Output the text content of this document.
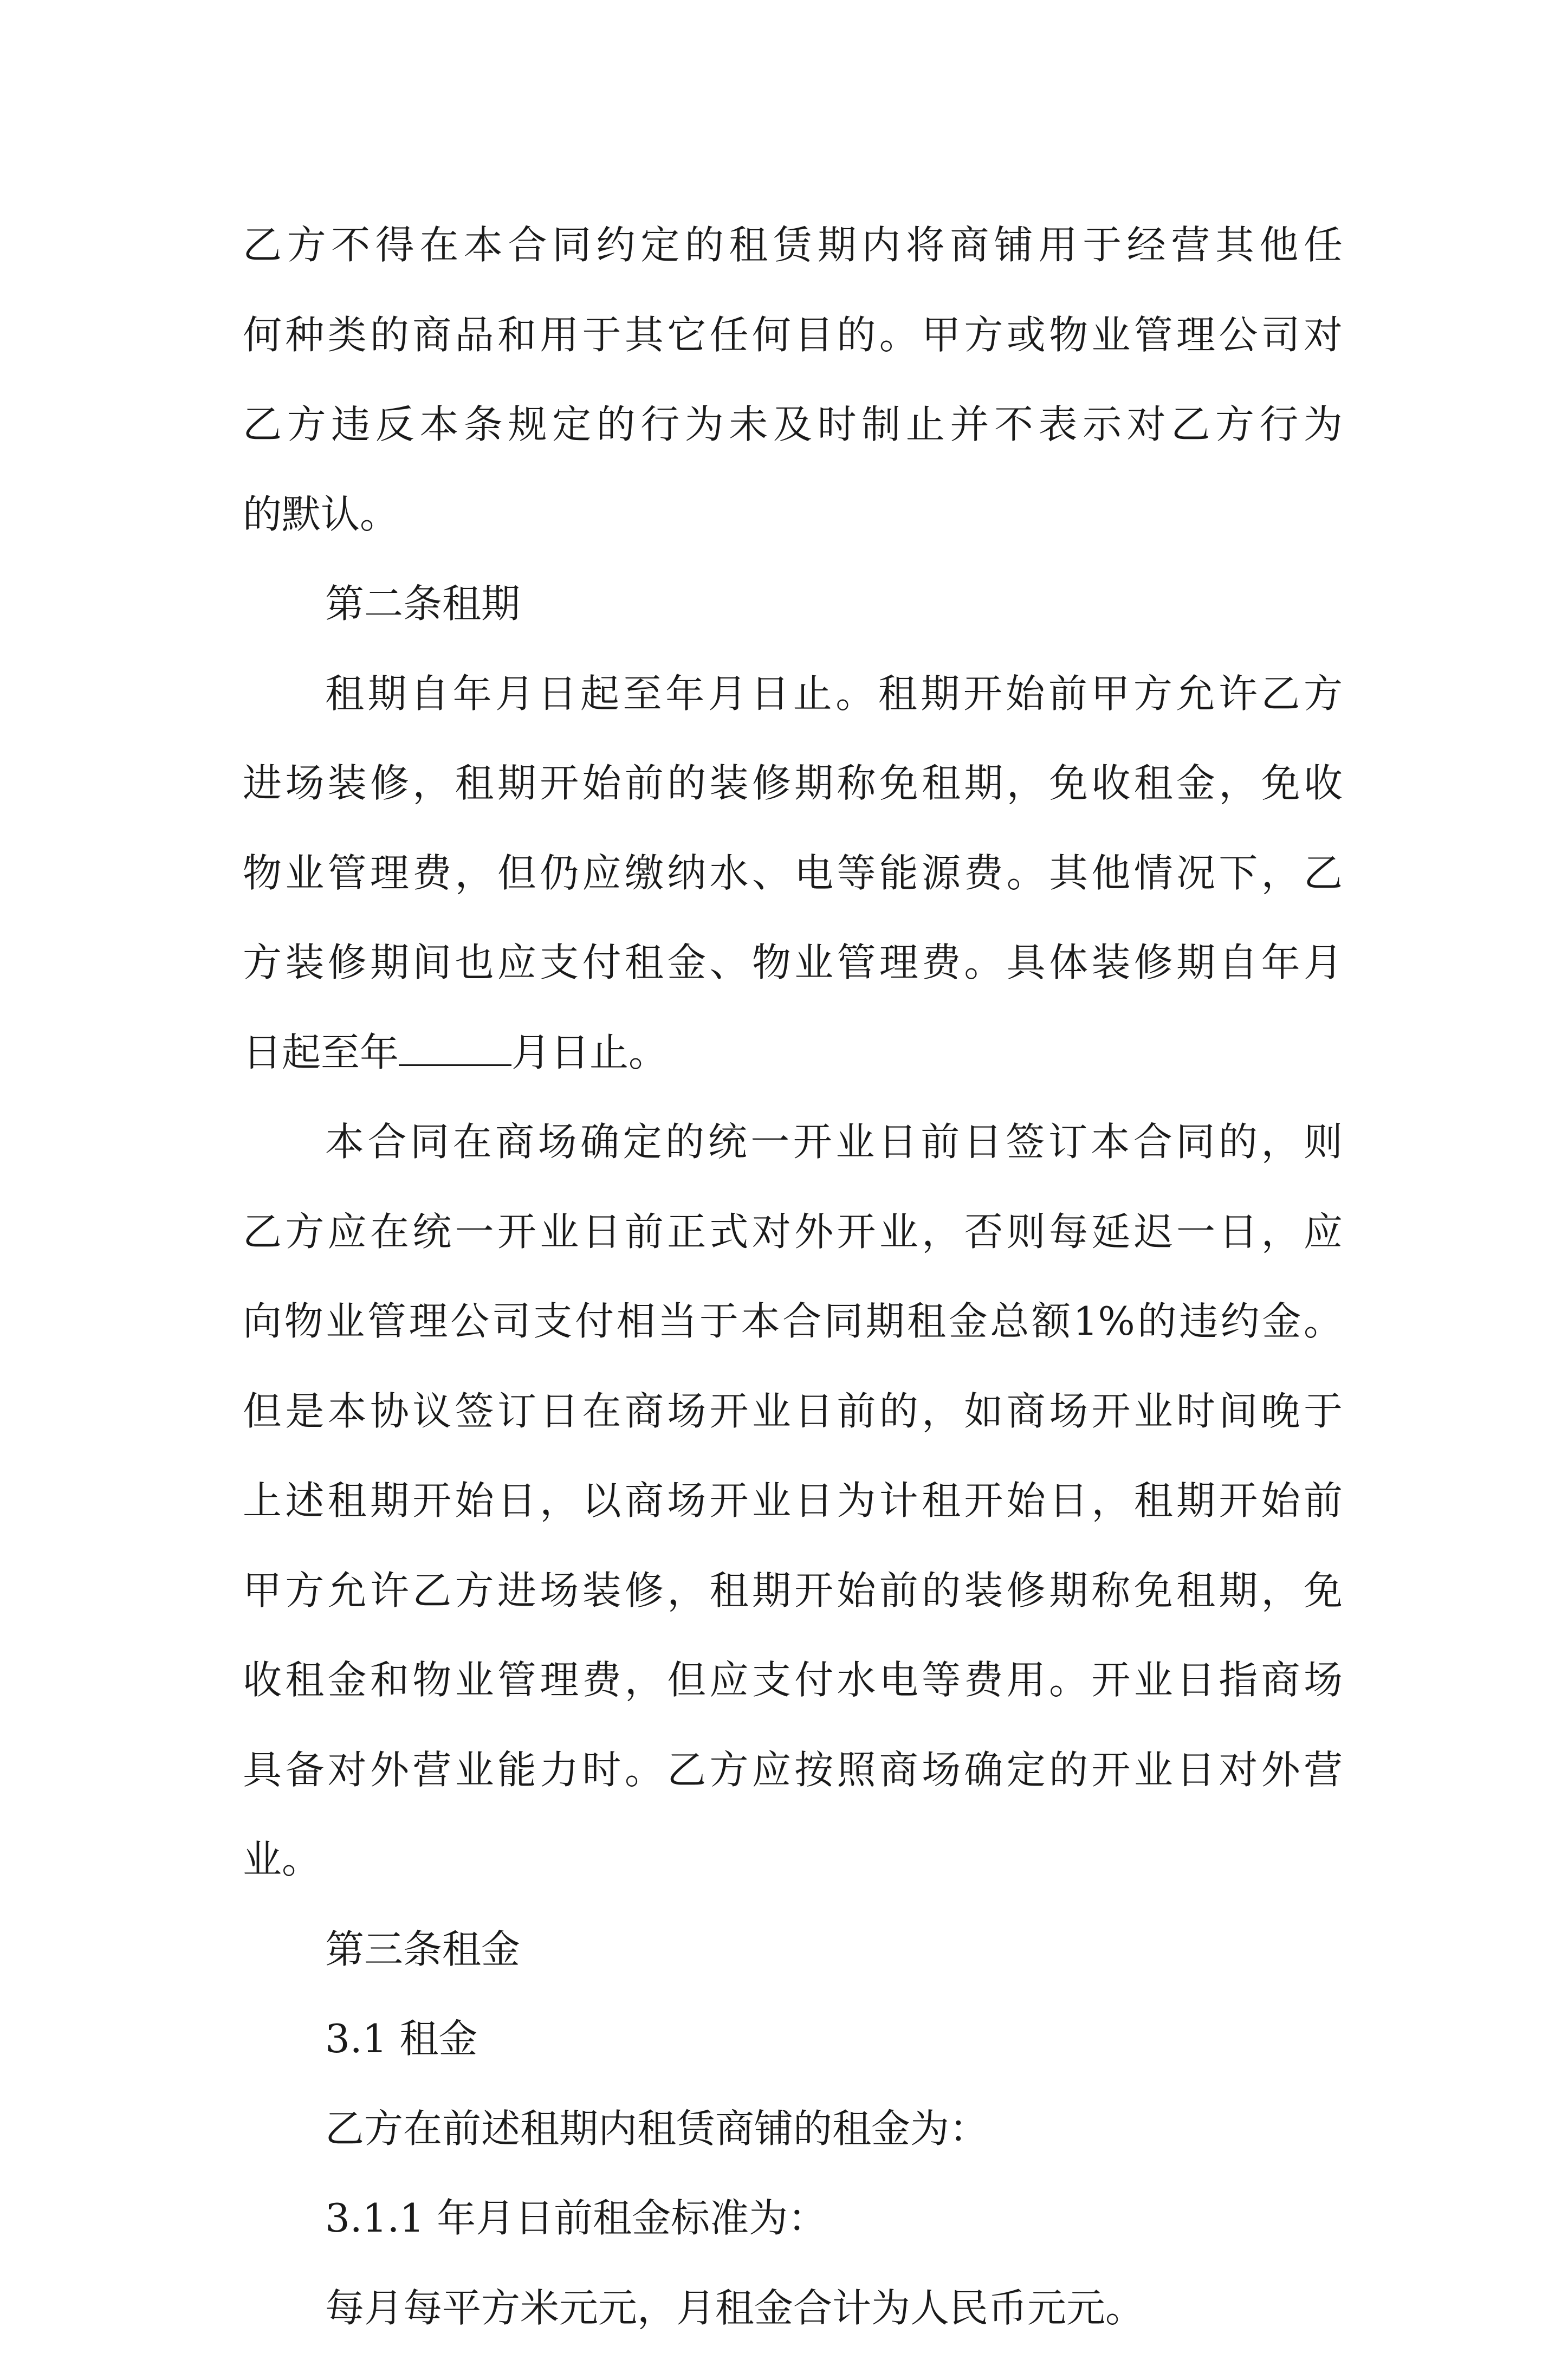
乙方不得在本合同约定的租赁期内将商铺用于经营其他任
何种类的商品和用于其它任何目的。甲方或物业管理公司对
乙方违反本条规定的行为未及时制止并不表示对乙方行为
的默认。
第二条租期
租期自年月日起至年月日止。租期开始前甲方允许乙方
进场装修，租期开始前的装修期称免租期，免收租金，免收
物业管理费，但仍应缴纳水、电等能源费。其他情况下，乙
方装修期间也应支付租金、物业管理费。具体装修期自年月
日起至年	月日止。
本合同在商场确定的统一开业日前日签订本合同的，则
乙方应在统一开业日前正式对外开业，否则每延迟一日，应
向物业管理公司支付相当于本合同期租金总额1%的违约金。
但是本协议签订日在商场开业日前的，如商场开业时间晚于
上述租期开始日，以商场开业日为计租开始日，租期开始前
甲方允许乙方进场装修，租期开始前的装修期称免租期，免
收租金和物业管理费，但应支付水电等费用。开业日指商场
具备对外营业能力时。乙方应按照商场确定的开业日对外营
业。
第三条租金
3.1 租金
乙方在前述租期内租赁商铺的租金为：
3.1.1 年月日前租金标准为：
每月每平方米元元，月租金合计为人民币元元。
